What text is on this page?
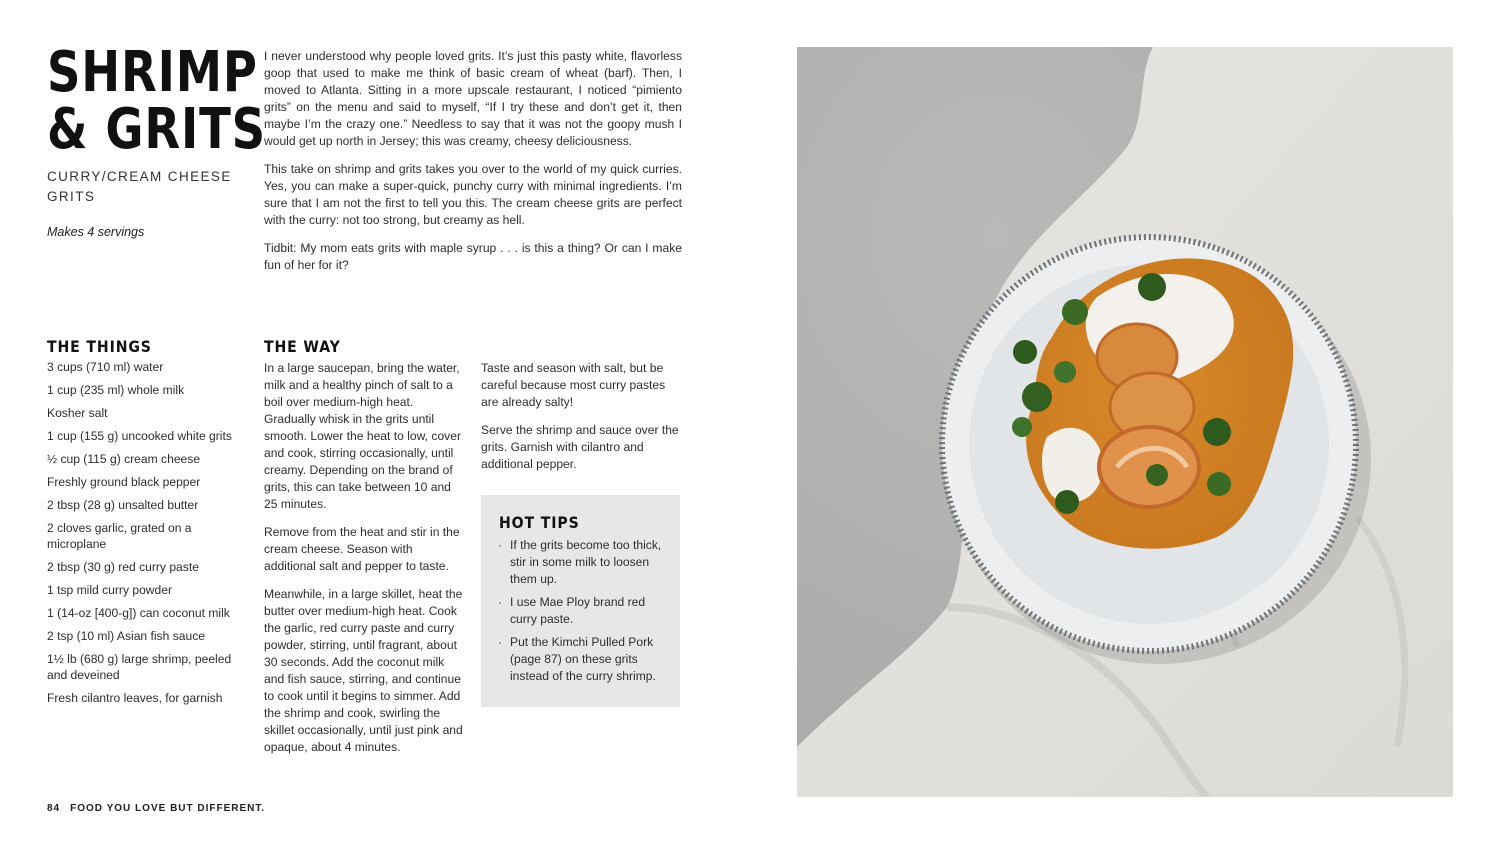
SHRIMP
& GRITS
CURRY/CREAM CHEESE GRITS
Makes 4 servings

I never understood why people loved grits. It’s just this pasty white, flavorless goop that used to make me think of basic cream of wheat (barf). Then, I moved to Atlanta. Sitting in a more upscale restaurant, I noticed “pimiento grits” on the menu and said to myself, “If I try these and don’t get it, then maybe I’m the crazy one.” Needless to say that it was not the goopy mush I would get up north in Jersey; this was creamy, cheesy deliciousness.

This take on shrimp and grits takes you over to the world of my quick curries. Yes, you can make a super-quick, punchy curry with minimal ingredients. I’m sure that I am not the first to tell you this. The cream cheese grits are perfect with the curry: not too strong, but creamy as hell.

Tidbit: My mom eats grits with maple syrup . . . is this a thing? Or can I make fun of her for it?

THE THINGS
3 cups (710 ml) water
1 cup (235 ml) whole milk
Kosher salt
1 cup (155 g) uncooked white grits
½ cup (115 g) cream cheese
Freshly ground black pepper
2 tbsp (28 g) unsalted butter
2 cloves garlic, grated on a microplane
2 tbsp (30 g) red curry paste
1 tsp mild curry powder
1 (14-oz [400-g]) can coconut milk
2 tsp (10 ml) Asian fish sauce
1½ lb (680 g) large shrimp, peeled and deveined
Fresh cilantro leaves, for garnish
THE WAY

In a large saucepan, bring the water, milk and a healthy pinch of salt to a boil over medium-high heat. Gradually whisk in the grits until smooth. Lower the heat to low, cover and cook, stirring occasionally, until creamy. Depending on the brand of grits, this can take between 10 and 25 minutes.

Remove from the heat and stir in the cream cheese. Season with additional salt and pepper to taste.

Meanwhile, in a large skillet, heat the butter over medium-high heat. Cook the garlic, red curry paste and curry powder, stirring, until fragrant, about 30 seconds. Add the coconut milk and fish sauce, stirring, and continue to cook until it begins to simmer. Add the shrimp and cook, swirling the skillet occasionally, until just pink and opaque, about 4 minutes.

Taste and season with salt, but be careful because most curry pastes are already salty!

Serve the shrimp and sauce over the grits. Garnish with cilantro and additional pepper.

HOT TIPS
· If the grits become too thick, stir in some milk to loosen them up.
· I use Mae Ploy brand red curry paste.
· Put the Kimchi Pulled Pork (page 87) on these grits instead of the curry shrimp.
84 FOOD YOU LOVE BUT DIFFERENT.
